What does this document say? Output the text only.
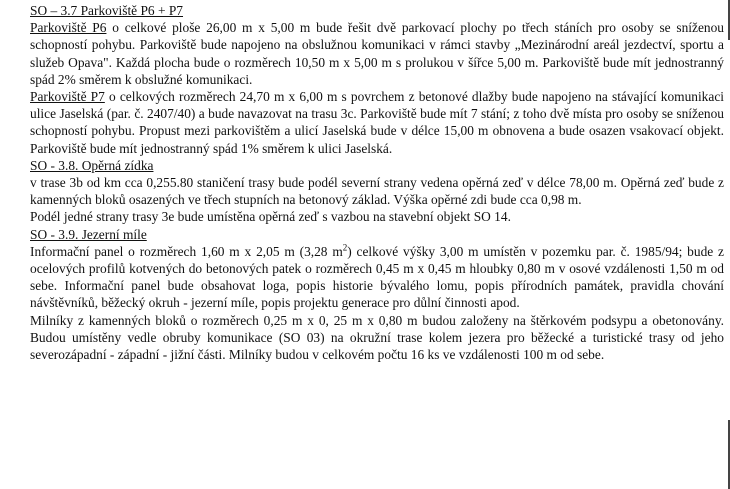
SO – 3.7 Parkoviště P6 + P7
Parkoviště P6 o celkové ploše 26,00 m x 5,00 m bude řešit dvě parkovací plochy po třech stáních pro osoby se sníženou schopností pohybu. Parkoviště bude napojeno na obslužnou komunikaci v rámci stavby „Mezinárodní areál jezdectví, sportu a služeb Opava". Každá plocha bude o rozměrech 10,50 m x 5,00 m s prolukou v šířce 5,00 m. Parkoviště bude mít jednostranný spád 2% směrem k obslužné komunikaci.
Parkoviště P7 o celkových rozměrech 24,70 m x 6,00 m s povrchem z betonové dlažby bude napojeno na stávající komunikaci ulice Jaselská (par. č. 2407/40) a bude navazovat na trasu 3c. Parkoviště bude mít 7 stání; z toho dvě místa pro osoby se sníženou schopností pohybu. Propust mezi parkovištěm a ulicí Jaselská bude v délce 15,00 m obnovena a bude osazen vsakovací objekt. Parkoviště bude mít jednostranný spád 1% směrem k ulici Jaselská.
SO - 3.8. Opěrná zídka
v trase 3b od km cca 0,255.80 staničení trasy bude podél severní strany vedena opěrná zeď v délce 78,00 m. Opěrná zeď bude z kamenných bloků osazených ve třech stupních na betonový základ. Výška opěrné zdi bude cca 0,98 m.
Podél jedné strany trasy 3e bude umístěna opěrná zeď s vazbou na stavební objekt SO 14.
SO - 3.9. Jezerní míle
Informační panel o rozměrech 1,60 m x 2,05 m (3,28 $m^2$) celkové výšky 3,00 m umístěn v pozemku par. č. 1985/94; bude z ocelových profilů kotvených do betonových patek o rozměrech 0,45 m x 0,45 m hloubky 0,80 m v osové vzdálenosti 1,50 m od sebe. Informační panel bude obsahovat loga, popis historie bývalého lomu, popis přírodních památek, pravidla chování návštěvníků, běžecký okruh - jezerní míle, popis projektu generace pro důlní činnosti apod.
Milníky z kamenných bloků o rozměrech 0,25 m x 0, 25 m x 0,80 m budou založeny na štěrkovém podsypu a obetonovány. Budou umístěny vedle obruby komunikace (SO 03) na okružní trase kolem jezera pro běžecké a turistické trasy od jeho severozápadní - západní - jižní části. Milníky budou v celkovém počtu 16 ks ve vzdálenosti 100 m od sebe.
